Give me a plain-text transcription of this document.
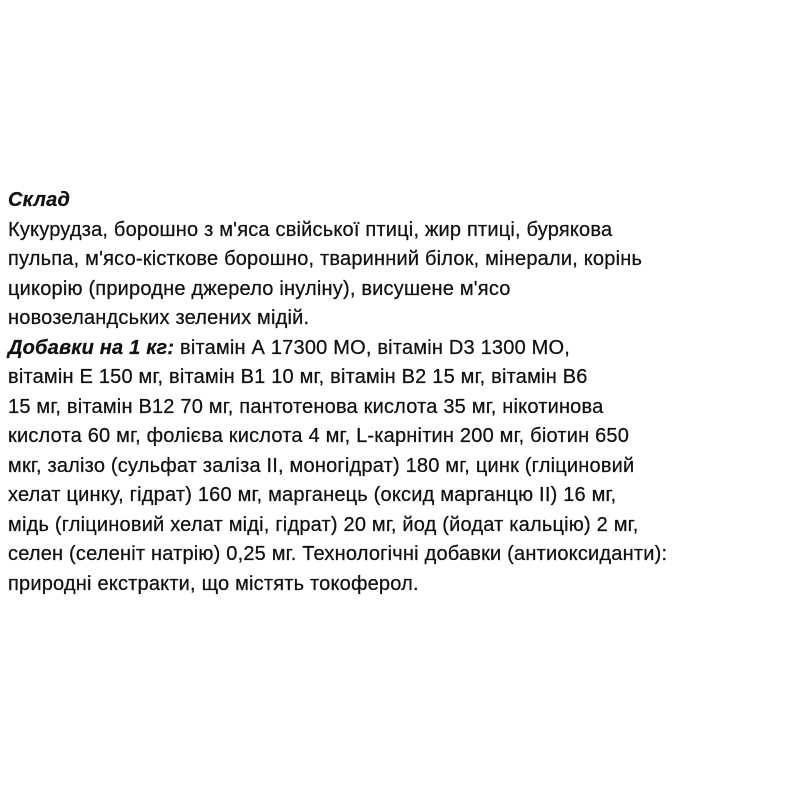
Склад
Кукурудза, борошно з м'яса свійської птиці, жир птиці, бурякова
пульпа, м'ясо-кісткове борошно, тваринний білок, мінерали, корінь
цикорію (природне джерело інуліну), висушене м'ясо
новозеландських зелених мідій.
Добавки на 1 кг: вітамін А 17300 МО, вітамін D3 1300 МО,
вітамін Е 150 мг, вітамін В1 10 мг, вітамін В2 15 мг, вітамін В6
15 мг, вітамін В12 70 мг, пантотенова кислота 35 мг, нікотинова
кислота 60 мг, фолієва кислота 4 мг, L-карнітин 200 мг, біотин 650
мкг, залізо (сульфат заліза II, моногідрат) 180 мг, цинк (гліциновий
хелат цинку, гідрат) 160 мг, марганець (оксид марганцю II) 16 мг,
мідь (гліциновий хелат міді, гідрат) 20 мг, йод (йодат кальцію) 2 мг,
селен (селеніт натрію) 0,25 мг. Технологічні добавки (антиоксиданти):
природні екстракти, що містять токоферол.
